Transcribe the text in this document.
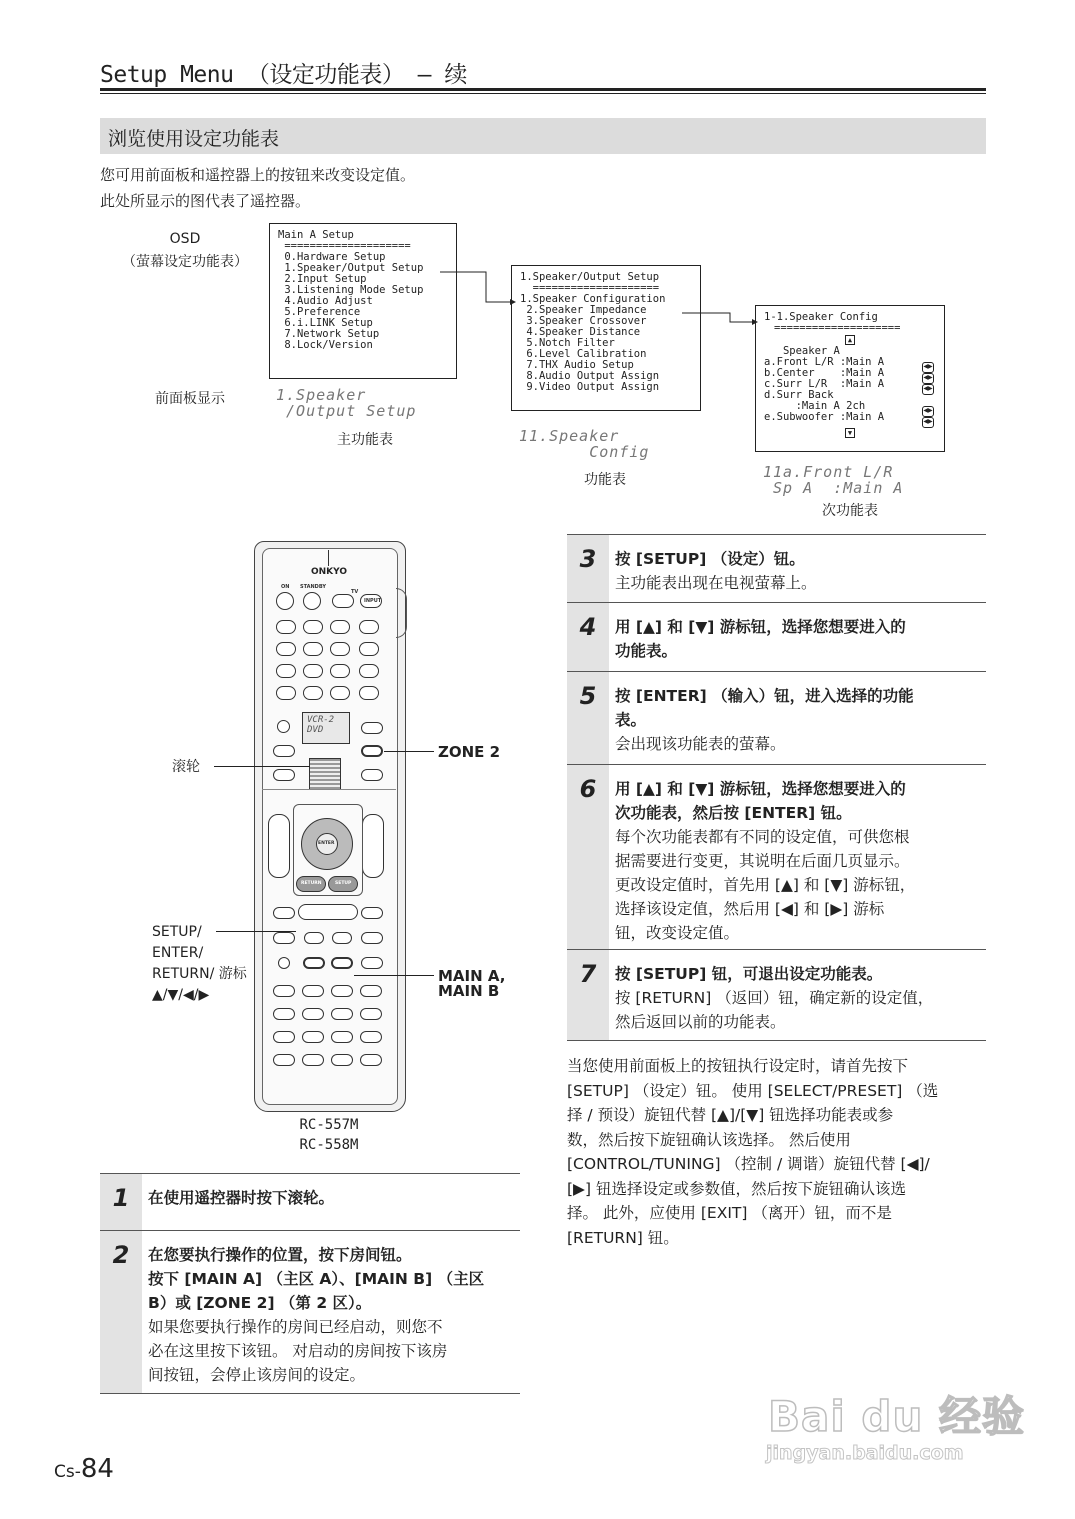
Setup Menu （设定功能表） – 续
浏览使用设定功能表
您可用前面板和遥控器上的按钮来改变设定值。
此处所显示的图代表了遥控器。
OSD
（萤幕设定功能表）
前面板显示
Main A Setup
====================
0.Hardware Setup
1.Speaker/Output Setup
2.Input Setup
3.Listening Mode Setup
4.Audio Adjust
5.Preference
6.i.LINK Setup
7.Network Setup
8.Lock/Version
1.Speaker/Output Setup
====================
1.Speaker Configuration
2.Speaker Impedance
3.Speaker Crossover
4.Speaker Distance
5.Notch Filter
6.Level Calibration
7.THX Audio Setup
8.Audio Output Assign
9.Video Output Assign
1-1.Speaker Config
====================
▲
Speaker A
a.Front L/R :Main A
b.Center    :Main A
c.Surr L/R  :Main A
d.Surr Back
:Main A 2ch
e.Subwoofer :Main A
▼
◀▶
◀▶
◀▶
◀▶
◀▶
1.Speaker
/Output Setup
11.Speaker
Config
11a.Front L/R
Sp A  :Main A
主功能表
功能表
次功能表
ONKYO
ON STANDBY
TV
INPUT
VCR-2
DVD
ENTER
RETURN	SETUP
RC-557M
RC-558M
滚轮
ZONE 2
SETUP/
ENTER/
RETURN/ 游标
▲/▼/◀/▶
MAIN A,
MAIN B
1	在使用遥控器时按下滚轮。
2	在您要执行操作的位置，按下房间钮。
按下 [MAIN A] （主区 A）、[MAIN B] （主区
B）或 [ZONE 2] （第 2 区）。
如果您要执行操作的房间已经启动，则您不
必在这里按下该钮。 对启动的房间按下该房
间按钮，会停止该房间的设定。
3	按 [SETUP] （设定）钮。
主功能表出现在电视萤幕上。
4	用 [▲] 和 [▼] 游标钮，选择您想要进入的
功能表。
5	按 [ENTER] （输入）钮，进入选择的功能
表。
会出现该功能表的萤幕。
6	用 [▲] 和 [▼] 游标钮，选择您想要进入的
次功能表，然后按 [ENTER] 钮。
每个次功能表都有不同的设定值，可供您根
据需要进行变更，其说明在后面几页显示。
更改设定值时，首先用 [▲] 和 [▼] 游标钮，
选择该设定值，然后用 [◀] 和 [▶] 游标
钮，改变设定值。
7	按 [SETUP] 钮，可退出设定功能表。
按 [RETURN] （返回）钮，确定新的设定值，
然后返回以前的功能表。
当您使用前面板上的按钮执行设定时，请首先按下
[SETUP] （设定）钮。 使用 [SELECT/PRESET] （选
择 / 预设）旋钮代替 [▲]/[▼] 钮选择功能表或参
数，然后按下旋钮确认该选择。 然后使用
[CONTROL/TUNING] （控制 / 调谐）旋钮代替 [◀]/
[▶] 钮选择设定或参数值，然后按下旋钮确认该选
择。 此外，应使用 [EXIT] （离开）钮，而不是
[RETURN] 钮。
Cs-84
Bai du 经验
jingyan.baidu.com
